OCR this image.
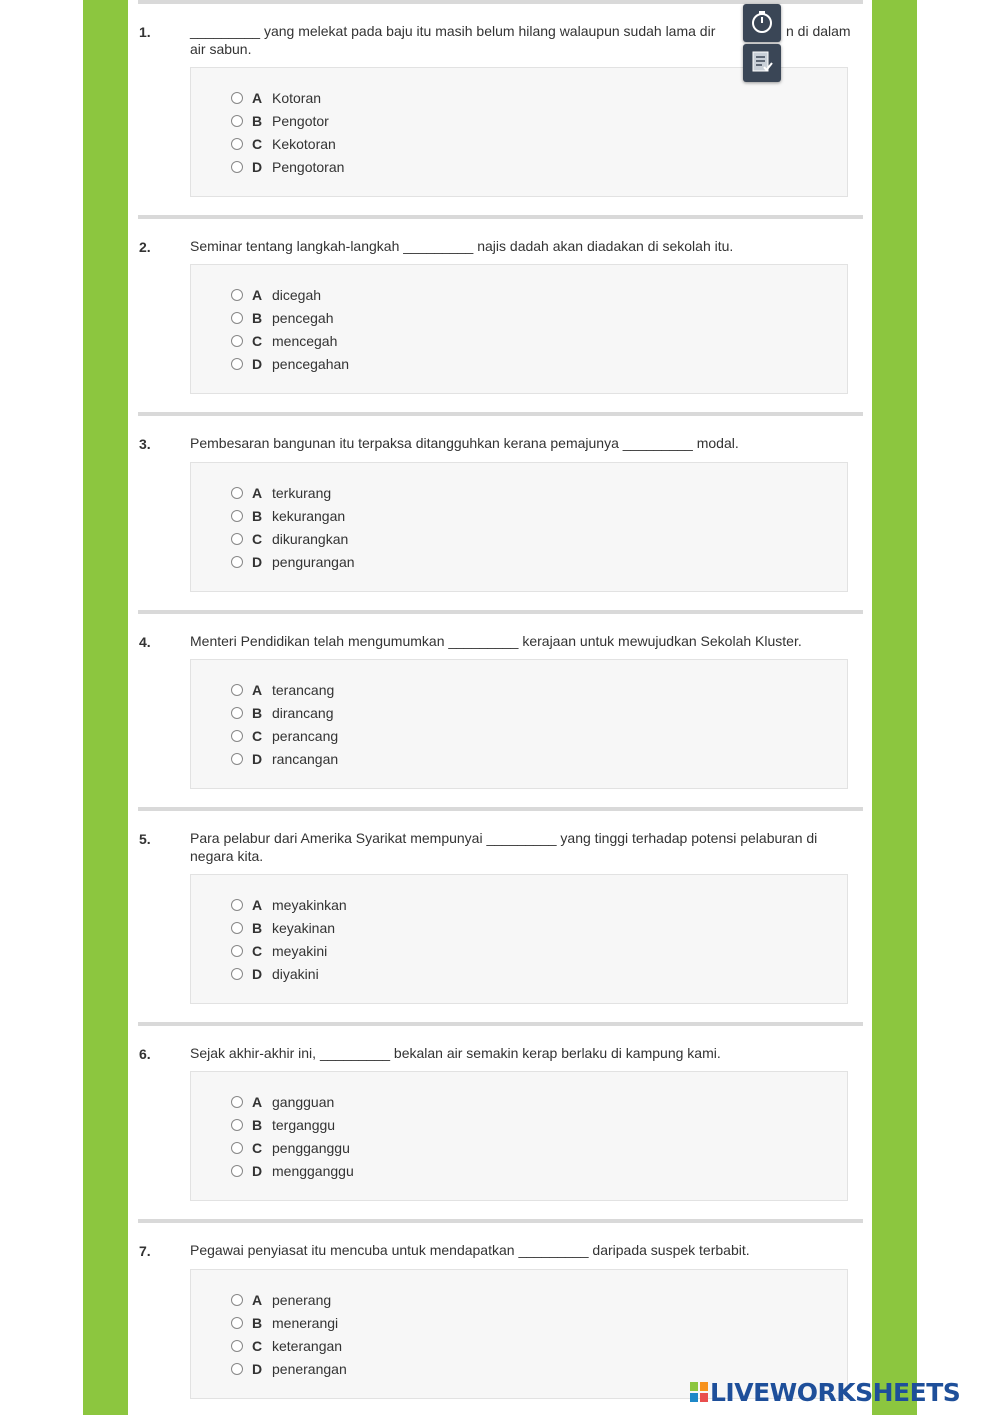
1.	_________ yang melekat pada baju itu masih belum hilang walaupun sudah lama dir	n di dalam
air sabun.
A Kotoran
B Pengotor
C Kekotoran
D Pengotoran
2.	Seminar tentang langkah-langkah _________ najis dadah akan diadakan di sekolah itu.
A dicegah
B pencegah
C mencegah
D pencegahan
3.	Pembesaran bangunan itu terpaksa ditangguhkan kerana pemajunya _________ modal.
A terkurang
B kekurangan
C dikurangkan
D pengurangan
4.	Menteri Pendidikan telah mengumumkan _________ kerajaan untuk mewujudkan Sekolah Kluster.
A terancang
B dirancang
C perancang
D rancangan
5.	Para pelabur dari Amerika Syarikat mempunyai _________ yang tinggi terhadap potensi pelaburan di
negara kita.
A meyakinkan
B keyakinan
C meyakini
D diyakini
6.	Sejak akhir-akhir ini, _________ bekalan air semakin kerap berlaku di kampung kami.
A gangguan
B terganggu
C pengganggu
D mengganggu
7.	Pegawai penyiasat itu mencuba untuk mendapatkan _________ daripada suspek terbabit.
A penerang
B menerangi
C keterangan
D penerangan
LIVEWORKSHEETS
